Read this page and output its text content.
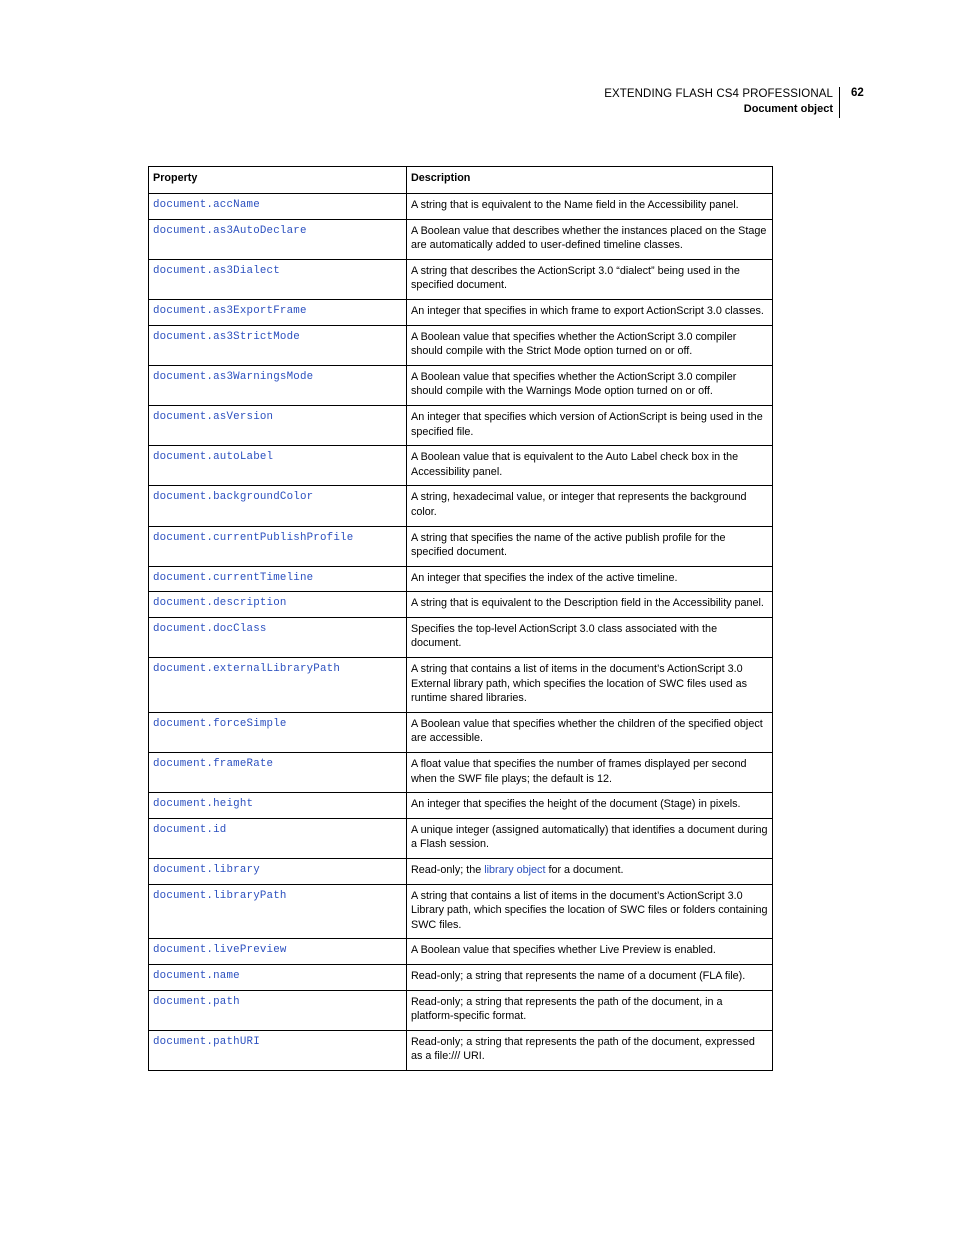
EXTENDING FLASH CS4 PROFESSIONAL
Document object
62
Property	Description
document.accName	A string that is equivalent to the Name field in the Accessibility panel.
document.as3AutoDeclare	A Boolean value that describes whether the instances placed on the Stage are automatically added to user-defined timeline classes.
document.as3Dialect	A string that describes the ActionScript 3.0 “dialect” being used in the specified document.
document.as3ExportFrame	An integer that specifies in which frame to export ActionScript 3.0 classes.
document.as3StrictMode	A Boolean value that specifies whether the ActionScript 3.0 compiler should compile with the Strict Mode option turned on or off.
document.as3WarningsMode	A Boolean value that specifies whether the ActionScript 3.0 compiler should compile with the Warnings Mode option turned on or off.
document.asVersion	An integer that specifies which version of ActionScript is being used in the specified file.
document.autoLabel	A Boolean value that is equivalent to the Auto Label check box in the Accessibility panel.
document.backgroundColor	A string, hexadecimal value, or integer that represents the background color.
document.currentPublishProfile	A string that specifies the name of the active publish profile for the specified document.
document.currentTimeline	An integer that specifies the index of the active timeline.
document.description	A string that is equivalent to the Description field in the Accessibility panel.
document.docClass	Specifies the top-level ActionScript 3.0 class associated with the document.
document.externalLibraryPath	A string that contains a list of items in the document’s ActionScript 3.0 External library path, which specifies the location of SWC files used as runtime shared libraries.
document.forceSimple	A Boolean value that specifies whether the children of the specified object are accessible.
document.frameRate	A float value that specifies the number of frames displayed per second when the SWF file plays; the default is 12.
document.height	An integer that specifies the height of the document (Stage) in pixels.
document.id	A unique integer (assigned automatically) that identifies a document during a Flash session.
document.library	Read-only; the library object for a document.
document.libraryPath	A string that contains a list of items in the document’s ActionScript 3.0 Library path, which specifies the location of SWC files or folders containing SWC files.
document.livePreview	A Boolean value that specifies whether Live Preview is enabled.
document.name	Read-only; a string that represents the name of a document (FLA file).
document.path	Read-only; a string that represents the path of the document, in a platform-specific format.
document.pathURI	Read-only; a string that represents the path of the document, expressed as a file:/// URI.
